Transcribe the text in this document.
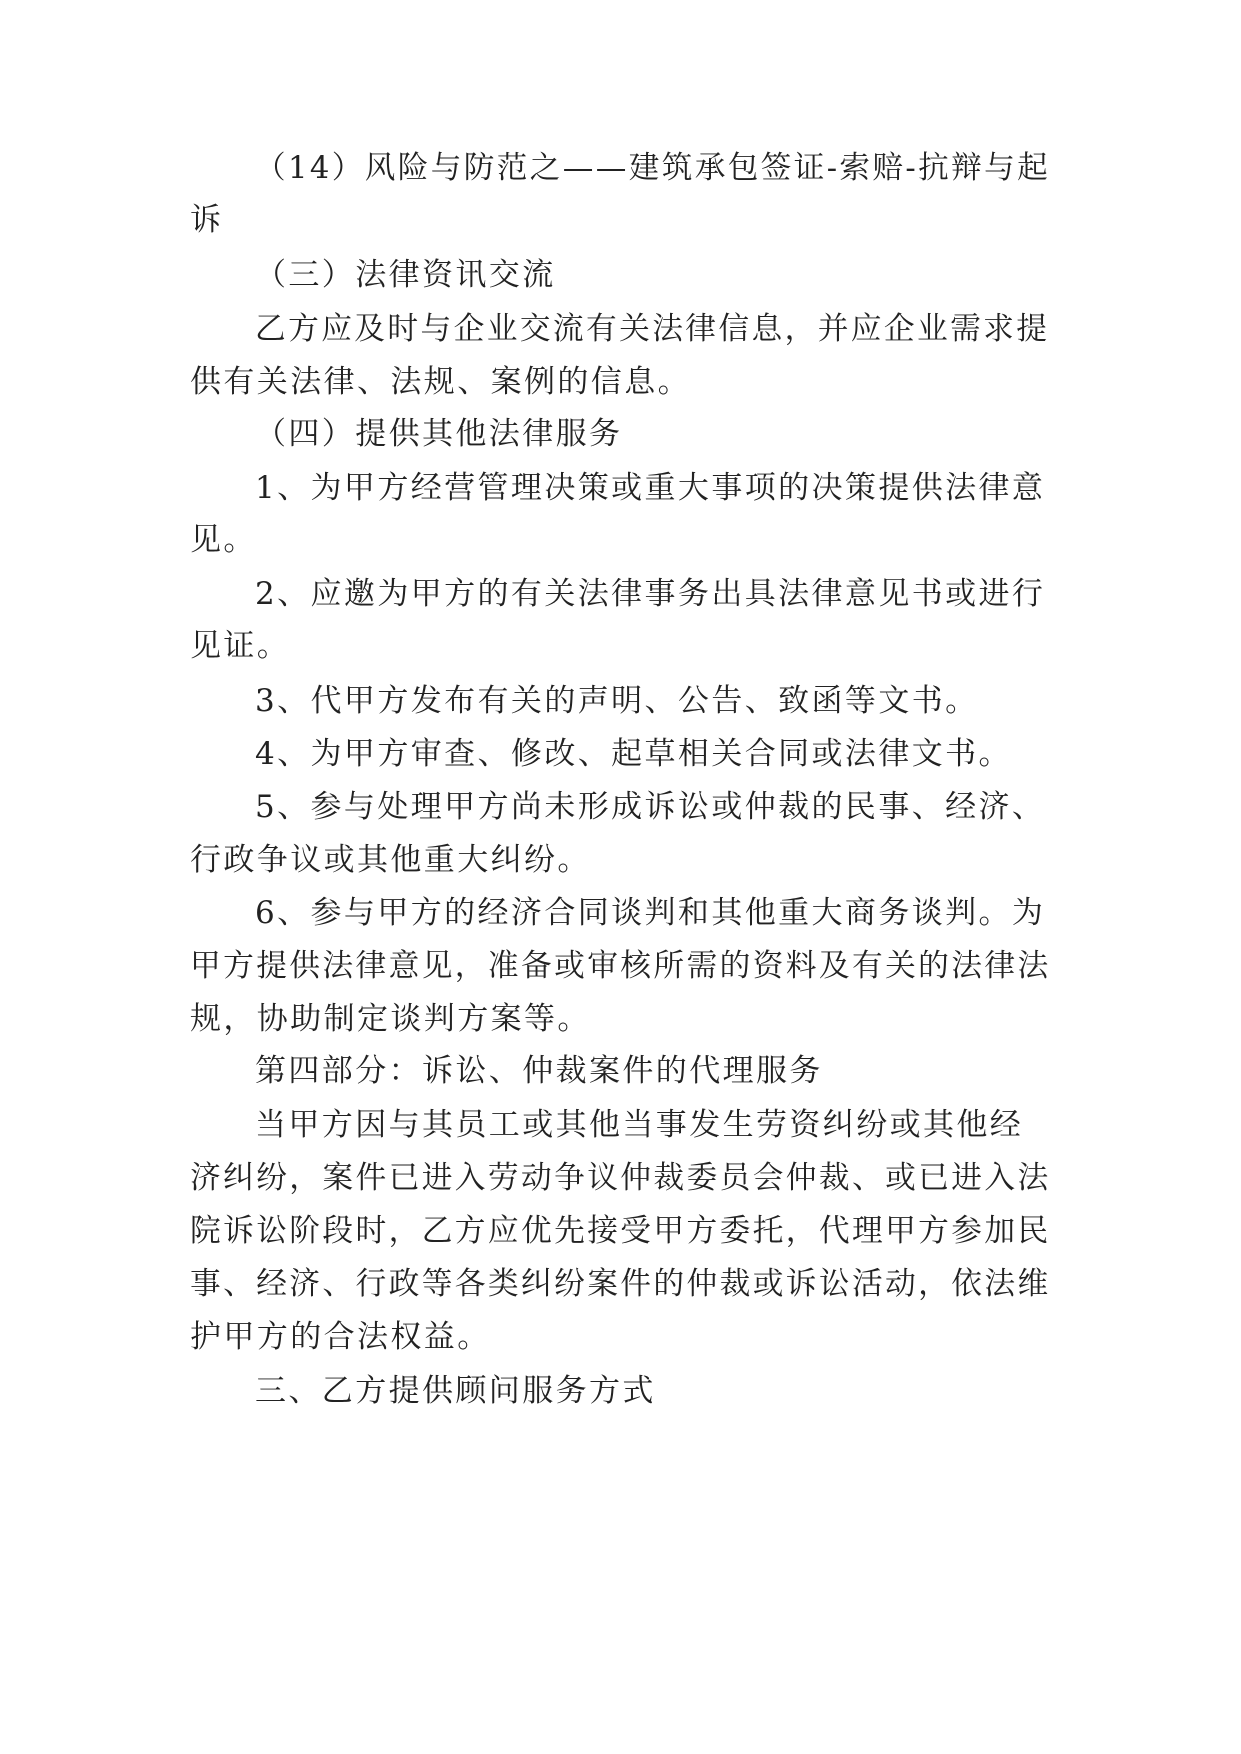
（14）风险与防范之——建筑承包签证-索赔-抗辩与起
诉
（三）法律资讯交流
乙方应及时与企业交流有关法律信息，并应企业需求提
供有关法律、法规、案例的信息。
（四）提供其他法律服务
1、为甲方经营管理决策或重大事项的决策提供法律意
见。
2、应邀为甲方的有关法律事务出具法律意见书或进行
见证。
3、代甲方发布有关的声明、公告、致函等文书。
4、为甲方审查、修改、起草相关合同或法律文书。
5、参与处理甲方尚未形成诉讼或仲裁的民事、经济、
行政争议或其他重大纠纷。
6、参与甲方的经济合同谈判和其他重大商务谈判。为
甲方提供法律意见，准备或审核所需的资料及有关的法律法
规，协助制定谈判方案等。
第四部分：诉讼、仲裁案件的代理服务
当甲方因与其员工或其他当事发生劳资纠纷或其他经
济纠纷，案件已进入劳动争议仲裁委员会仲裁、或已进入法
院诉讼阶段时，乙方应优先接受甲方委托，代理甲方参加民
事、经济、行政等各类纠纷案件的仲裁或诉讼活动，依法维
护甲方的合法权益。
三、乙方提供顾问服务方式
